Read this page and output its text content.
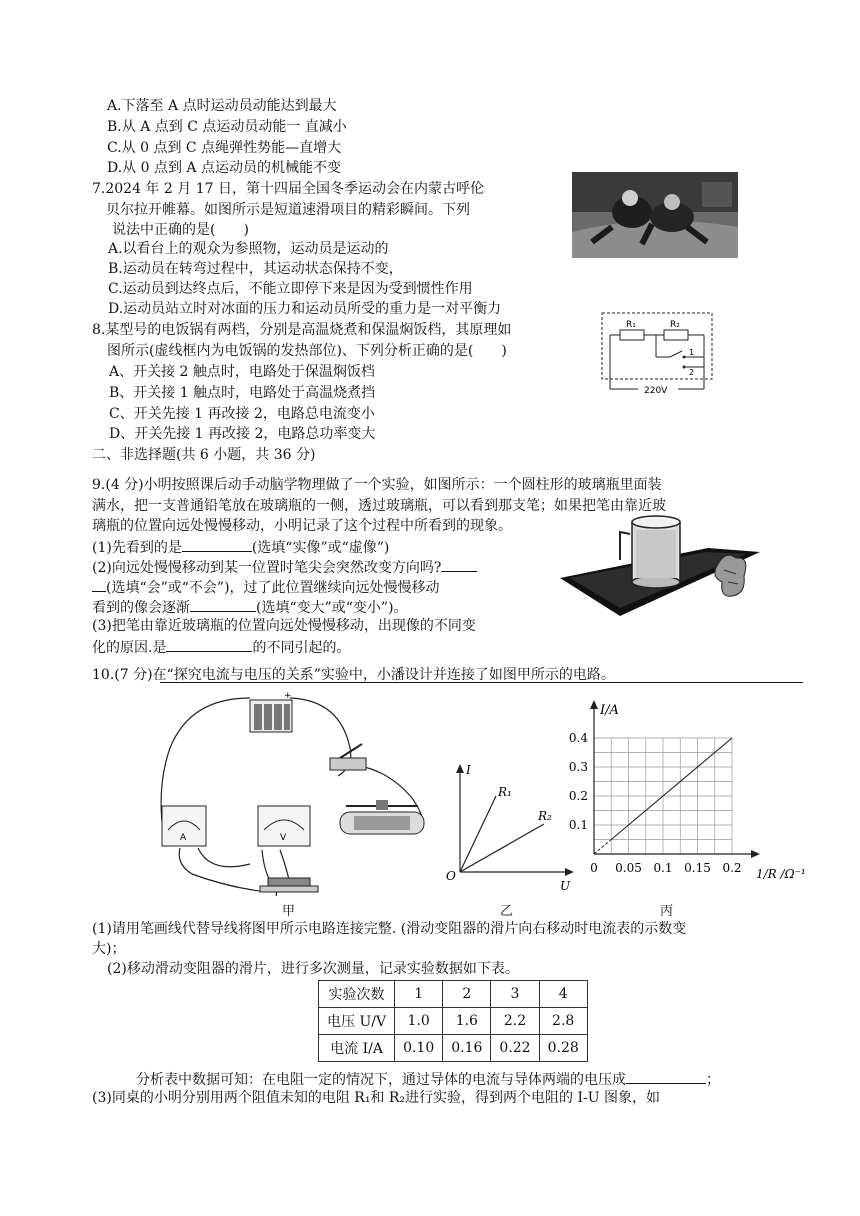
A.下落至 A 点时运动员动能达到最大
B.从 A 点到 C 点运动员动能一 直减小
C.从 0 点到 C 点绳弹性势能—直增大
D.从 0 点到 A 点运动员的机械能不变
7.2024 年 2 月 17 日，第十四届全国冬季运动会在内蒙古呼伦
贝尔拉开帷幕。如图所示是短道速滑项目的精彩瞬间。下列
说法中正确的是(　　)
A.以看台上的观众为参照物，运动员是运动的
B.运动员在转弯过程中，其运动状态保持不变，
C.运动员到达终点后，不能立即停下来是因为受到惯性作用
D.运动员站立时对冰面的压力和运动员所受的重力是一对平衡力
8.某型号的电饭锅有两档，分别是高温烧煮和保温焖饭档，其原理如
图所示(虚线框内为电饭锅的发热部位)、下列分析正确的是(　　)
A、开关接 2 触点时，电路处于保温焖饭档
B、开关接 1 触点时，电路处于高温烧煮挡
C、开关先接 1 再改接 2，电路总电流变小
D、开关先接 1 再改接 2，电路总功率变大
R₁	R₂
1
2
220V
二、非选择题(共 6 小题，共 36 分)
9.(4 分)小明按照课后动手动脑学物理做了一个实验，如图所示：一个圆柱形的玻璃瓶里面装
满水，把一支普通铅笔放在玻璃瓶的一侧，透过玻璃瓶，可以看到那支笔；如果把笔由靠近玻
璃瓶的位置向远处慢慢移动，小明记录了这个过程中所看到的现象。
(1)先看到的是	(选填“实像”或“虚像”)
(2)向远处慢慢移动到某一位置时笔尖会突然改变方向吗?
(选填“会”或“不会”)，过了此位置继续向远处慢慢移动
看到的像会逐渐	(选填“变大”或“变小”)。
(3)把笔由靠近玻璃瓶的位置向远处慢慢移动，出现像的不同变
化的原因.是	的不同引起的。
10.(7 分)在“探究电流与电压的关系”实验中，小潘设计并连接了如图甲所示的电路。
+
A	V
甲
I
U
O
R₁
R₂
乙
0 0.05 0.1 0.15 0.2
0.1
0.2
0.3
0.4
I/A
1/R /Ω⁻¹
丙
(1)请用笔画线代替导线将图甲所示电路连接完整. (滑动变阻器的滑片向右移动时电流表的示数变
大)；
(2)移动滑动变阻器的滑片，进行多次测量，记录实验数据如下表。
实验次数	1	2	3	4
电压 U/V	1.0	1.6	2.2	2.8
电流 I/A	0.10	0.16	0.22	0.28
分析表中数据可知：在电阻一定的情况下，通过导体的电流与导体两端的电压成	；
(3)同桌的小明分别用两个阻值未知的电阻 R₁和 R₂进行实验，得到两个电阻的 I-U 图象，如
